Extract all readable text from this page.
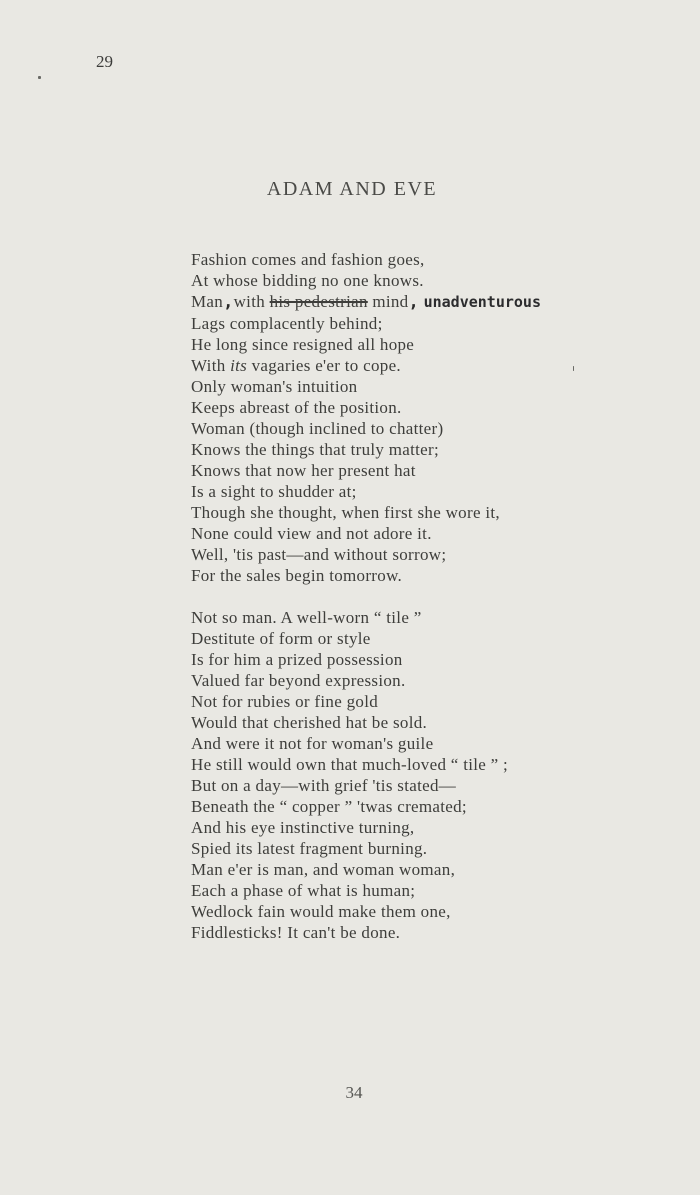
29
ADAM AND EVE
Fashion comes and fashion goes,
At whose bidding no one knows.
Man,with his pedestrian mind, unadventurous
Lags complacently behind;
He long since resigned all hope
With its vagaries e'er to cope.
Only woman's intuition
Keeps abreast of the position.
Woman (though inclined to chatter)
Knows the things that truly matter;
Knows that now her present hat
Is a sight to shudder at;
Though she thought, when first she wore it,
None could view and not adore it.
Well, 'tis past—and without sorrow;
For the sales begin tomorrow.
Not so man. A well-worn “ tile ”
Destitute of form or style
Is for him a prized possession
Valued far beyond expression.
Not for rubies or fine gold
Would that cherished hat be sold.
And were it not for woman's guile
He still would own that much-loved “ tile ” ;
But on a day—with grief 'tis stated—
Beneath the “ copper ” 'twas cremated;
And his eye instinctive turning,
Spied its latest fragment burning.
Man e'er is man, and woman woman,
Each a phase of what is human;
Wedlock fain would make them one,
Fiddlesticks! It can't be done.
34
